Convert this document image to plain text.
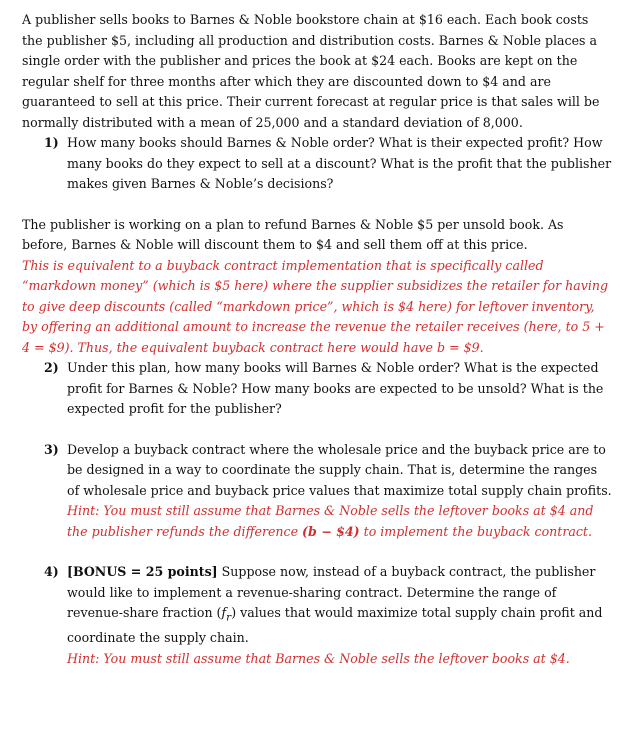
A publisher sells books to Barnes & Noble bookstore chain at $16 each. Each book costs the publisher $5, including all production and distribution costs. Barnes & Noble places a single order with the publisher and prices the book at $24 each. Books are kept on the regular shelf for three months after which they are discounted down to $4 and are guaranteed to sell at this price. Their current forecast at regular price is that sales will be normally distributed with a mean of 25,000 and a standard deviation of 8,000.

1) How many books should Barnes & Noble order? What is their expected profit? How many books do they expect to sell at a discount? What is the profit that the publisher makes given Barnes & Noble’s decisions?

The publisher is working on a plan to refund Barnes & Noble $5 per unsold book. As before, Barnes & Noble will discount them to $4 and sell them off at this price.

This is equivalent to a buyback contract implementation that is specifically called “markdown money” (which is $5 here) where the supplier subsidizes the retailer for having to give deep discounts (called “markdown price”, which is $4 here) for leftover inventory, by offering an additional amount to increase the revenue the retailer receives (here, to 5 + 4 = $9). Thus, the equivalent buyback contract here would have b = $9.

2) Under this plan, how many books will Barnes & Noble order? What is the expected profit for Barnes & Noble? How many books are expected to be unsold? What is the expected profit for the publisher?

3) Develop a buyback contract where the wholesale price and the buyback price are to be designed in a way to coordinate the supply chain. That is, determine the ranges of wholesale price and buyback price values that maximize total supply chain profits.

Hint: You must still assume that Barnes & Noble sells the leftover books at $4 and the publisher refunds the difference (b − $4) to implement the buyback contract.

4) [BONUS = 25 points] Suppose now, instead of a buyback contract, the publisher would like to implement a revenue-sharing contract. Determine the range of revenue-share fraction $(f_r)$ values that would maximize total supply chain profit and coordinate the supply chain.

Hint: You must still assume that Barnes & Noble sells the leftover books at $4.
